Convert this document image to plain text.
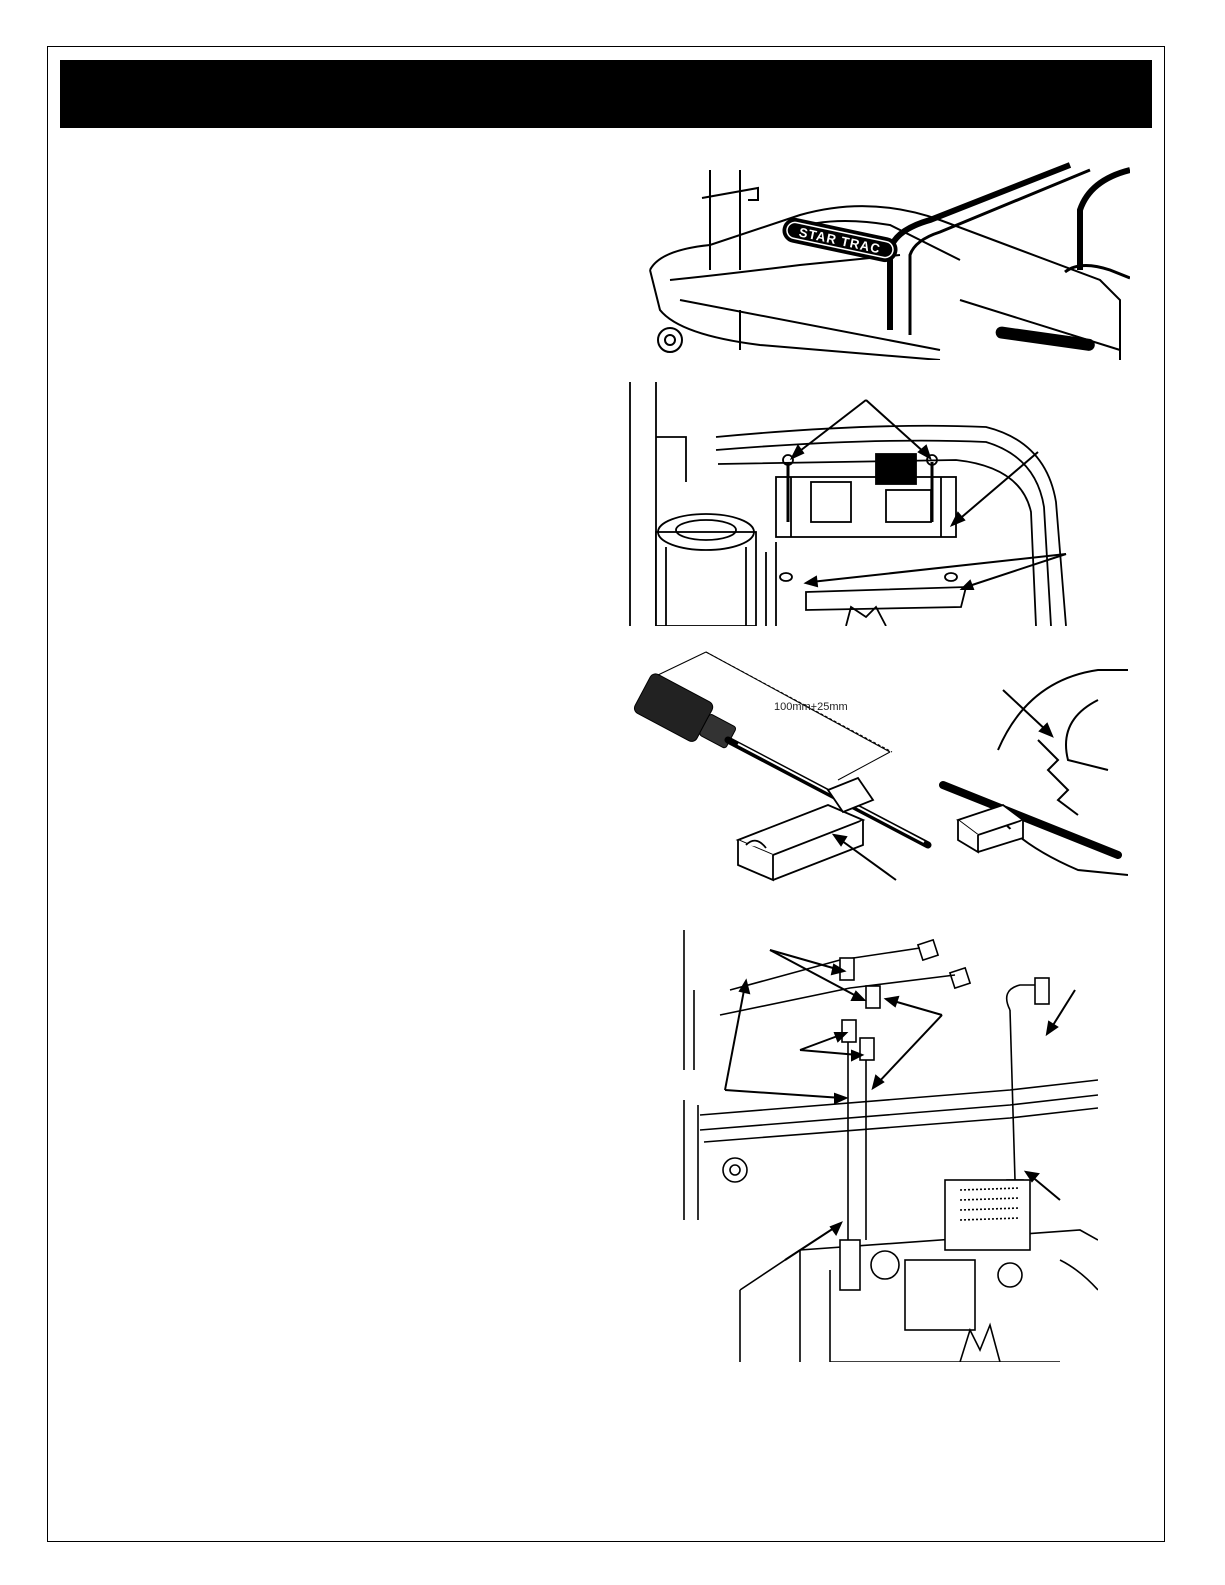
STAR TRAC
100mm+25mm
